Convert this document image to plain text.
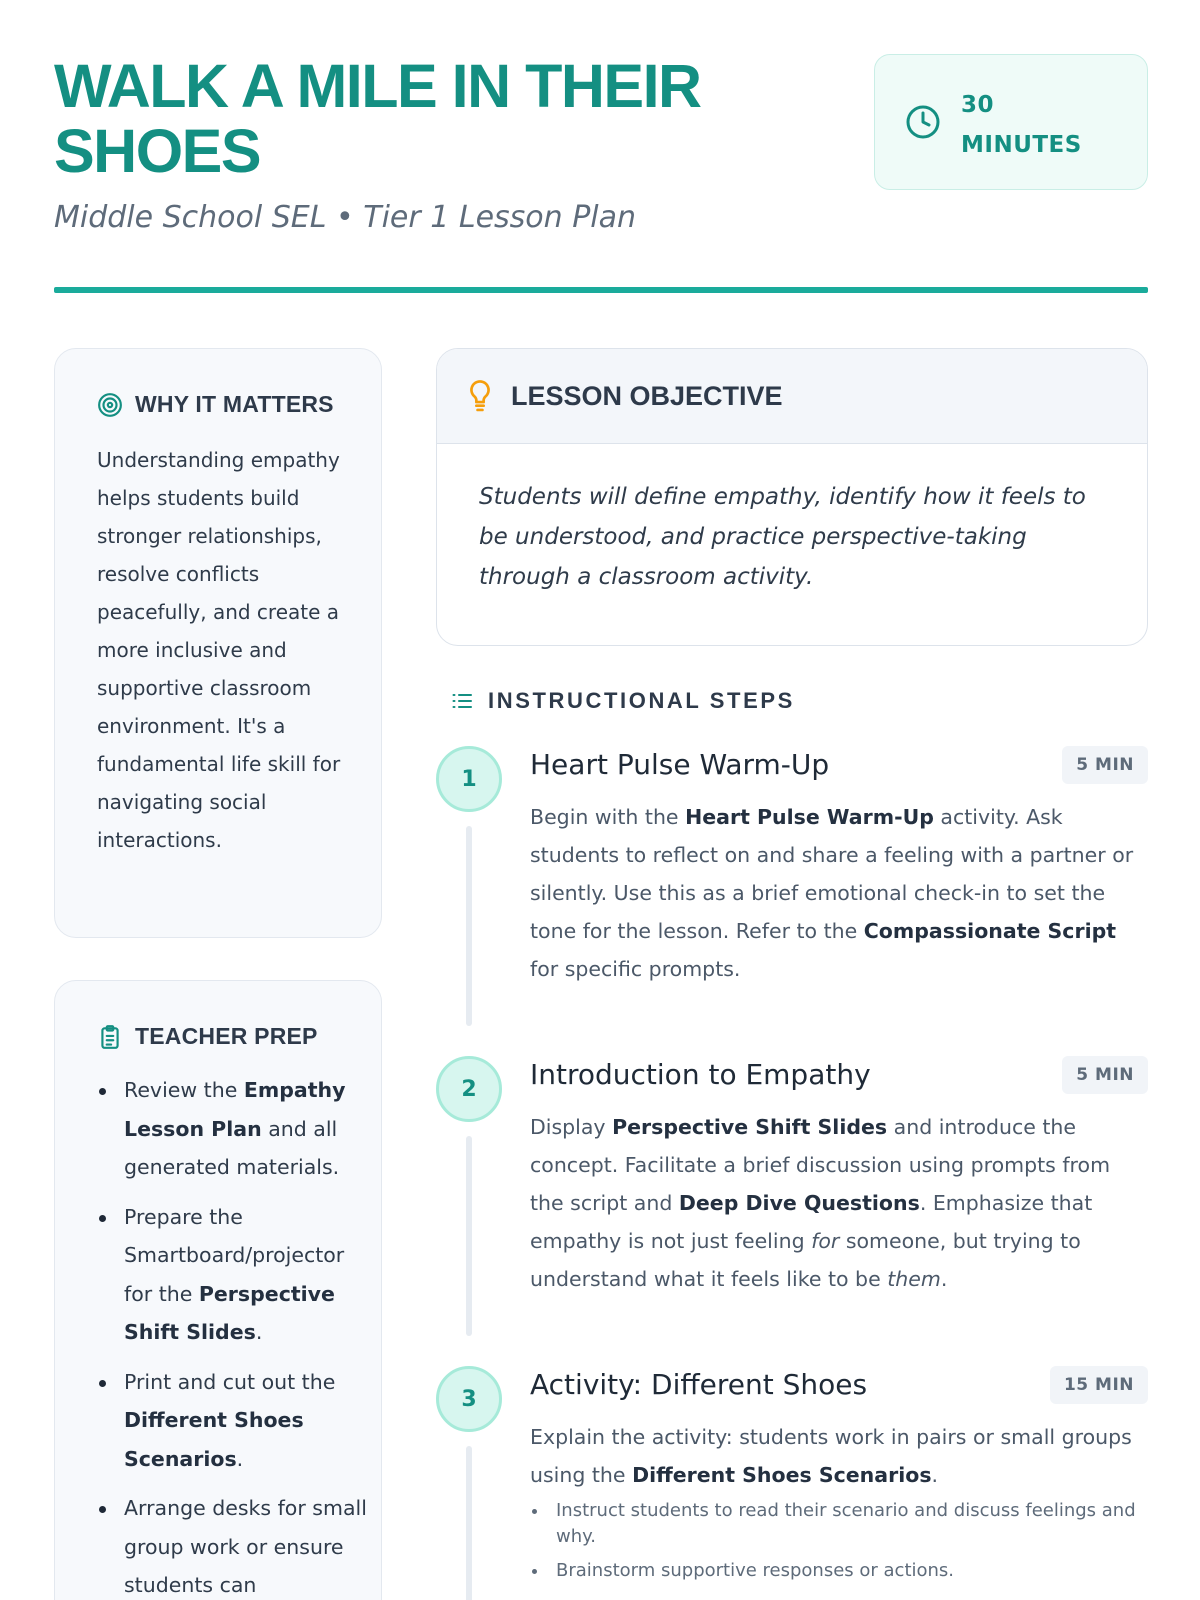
WALK A MILE IN THEIR
SHOES
Middle School SEL • Tier 1 Lesson Plan
30
MINUTES
WHY IT MATTERS

Understanding empathy helps students build stronger relationships, resolve conflicts peacefully, and create a more inclusive and supportive classroom environment. It's a fundamental life skill for navigating social interactions.

TEACHER PREP
Review the Empathy Lesson Plan and all generated materials.
Prepare the Smartboard/projector for the Perspective Shift Slides.
Print and cut out the Different Shoes Scenarios.
Arrange desks for small group work or ensure students can
LESSON OBJECTIVE

Students will define empathy, identify how it feels to be understood, and practice perspective-taking through a classroom activity.

INSTRUCTIONAL STEPS
1	Heart Pulse Warm-Up	5 MIN

Begin with the Heart Pulse Warm-Up activity. Ask students to reflect on and share a feeling with a partner or silently. Use this as a brief emotional check-in to set the tone for the lesson. Refer to the Compassionate Script for specific prompts.

2	Introduction to Empathy	5 MIN

Display Perspective Shift Slides and introduce the concept. Facilitate a brief discussion using prompts from the script and Deep Dive Questions. Emphasize that empathy is not just feeling for someone, but trying to understand what it feels like to be them.

3	Activity: Different Shoes	15 MIN

Explain the activity: students work in pairs or small groups using the Different Shoes Scenarios.

Instruct students to read their scenario and discuss feelings and why.
Brainstorm supportive responses or actions.
